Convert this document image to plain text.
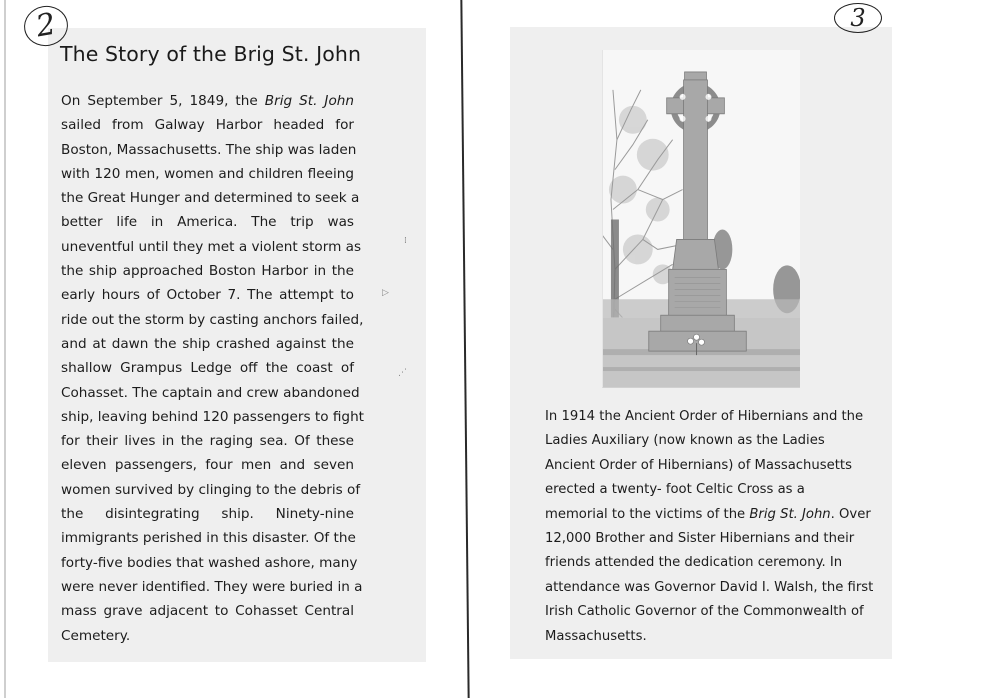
2
The Story of the Brig St. John
On September 5, 1849, the Brig St. John
sailed from Galway Harbor headed for
Boston, Massachusetts. The ship was laden
with 120 men, women and children fleeing
the Great Hunger and determined to seek a
better life in America. The trip was
uneventful until they met a violent storm as
the ship approached Boston Harbor in the
early hours of October 7. The attempt to
ride out the storm by casting anchors failed,
and at dawn the ship crashed against the
shallow Grampus Ledge off the coast of
Cohasset. The captain and crew abandoned
ship, leaving behind 120 passengers to fight
for their lives in the raging sea. Of these
eleven passengers, four men and seven
women survived by clinging to the debris of
the disintegrating ship. Ninety-nine
immigrants perished in this disaster. Of the
forty-five bodies that washed ashore, many
were never identified. They were buried in a
mass grave adjacent to Cohasset Central
Cemetery.
3
In 1914 the Ancient Order of Hibernians and the
Ladies Auxiliary (now known as the Ladies
Ancient Order of Hibernians) of Massachusetts
erected a twenty- foot Celtic Cross as a
memorial to the victims of the Brig St. John. Over
12,000 Brother and Sister Hibernians and their
friends attended the dedication ceremony. In
attendance was Governor David I. Walsh, the first
Irish Catholic Governor of the Commonwealth of
Massachusetts.
⁞
▷
⋰
